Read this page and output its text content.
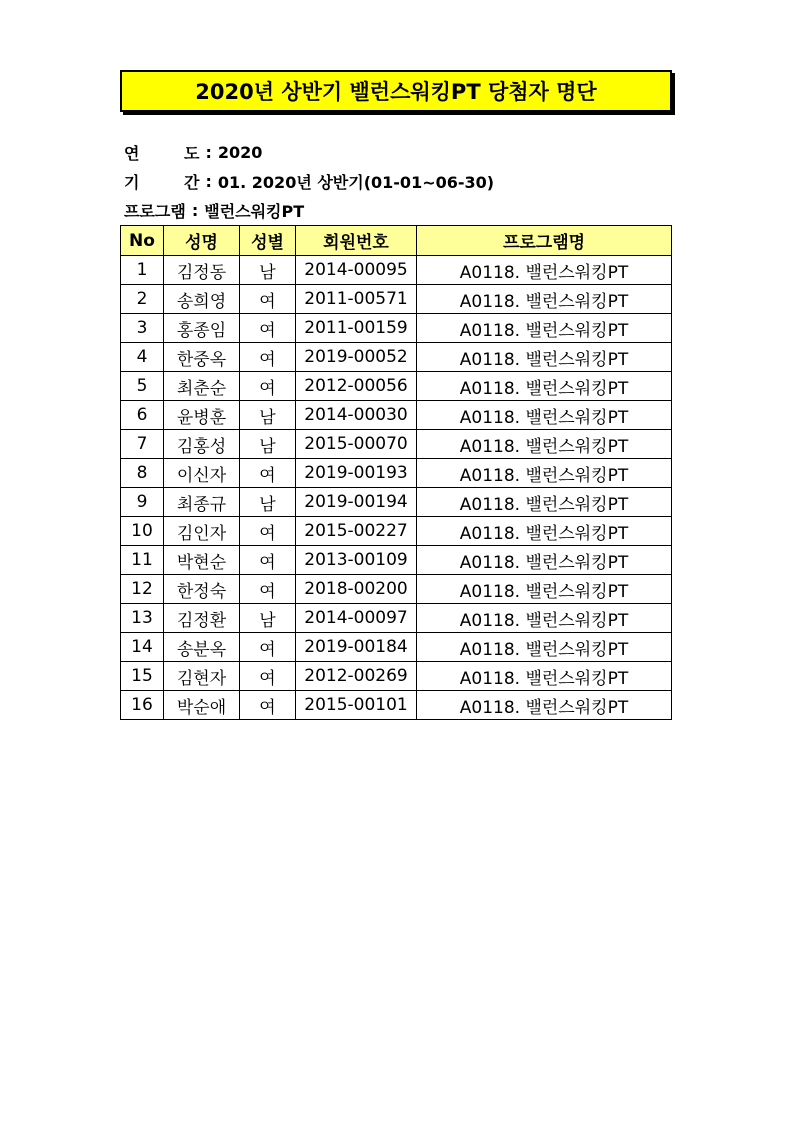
2020년 상반기 밸런스워킹PT 당첨자 명단
연	도 : 2020
기	간 : 01. 2020년 상반기(01-01~06-30)
프로그램 : 밸런스워킹PT
No	성명	성별	회원번호	프로그램명
1	김정동	남	2014-00095	A0118. 밸런스워킹PT
2	송희영	여	2011-00571	A0118. 밸런스워킹PT
3	홍종임	여	2011-00159	A0118. 밸런스워킹PT
4	한중옥	여	2019-00052	A0118. 밸런스워킹PT
5	최춘순	여	2012-00056	A0118. 밸런스워킹PT
6	윤병훈	남	2014-00030	A0118. 밸런스워킹PT
7	김홍성	남	2015-00070	A0118. 밸런스워킹PT
8	이신자	여	2019-00193	A0118. 밸런스워킹PT
9	최종규	남	2019-00194	A0118. 밸런스워킹PT
10	김인자	여	2015-00227	A0118. 밸런스워킹PT
11	박현순	여	2013-00109	A0118. 밸런스워킹PT
12	한정숙	여	2018-00200	A0118. 밸런스워킹PT
13	김정환	남	2014-00097	A0118. 밸런스워킹PT
14	송분옥	여	2019-00184	A0118. 밸런스워킹PT
15	김현자	여	2012-00269	A0118. 밸런스워킹PT
16	박순애	여	2015-00101	A0118. 밸런스워킹PT
